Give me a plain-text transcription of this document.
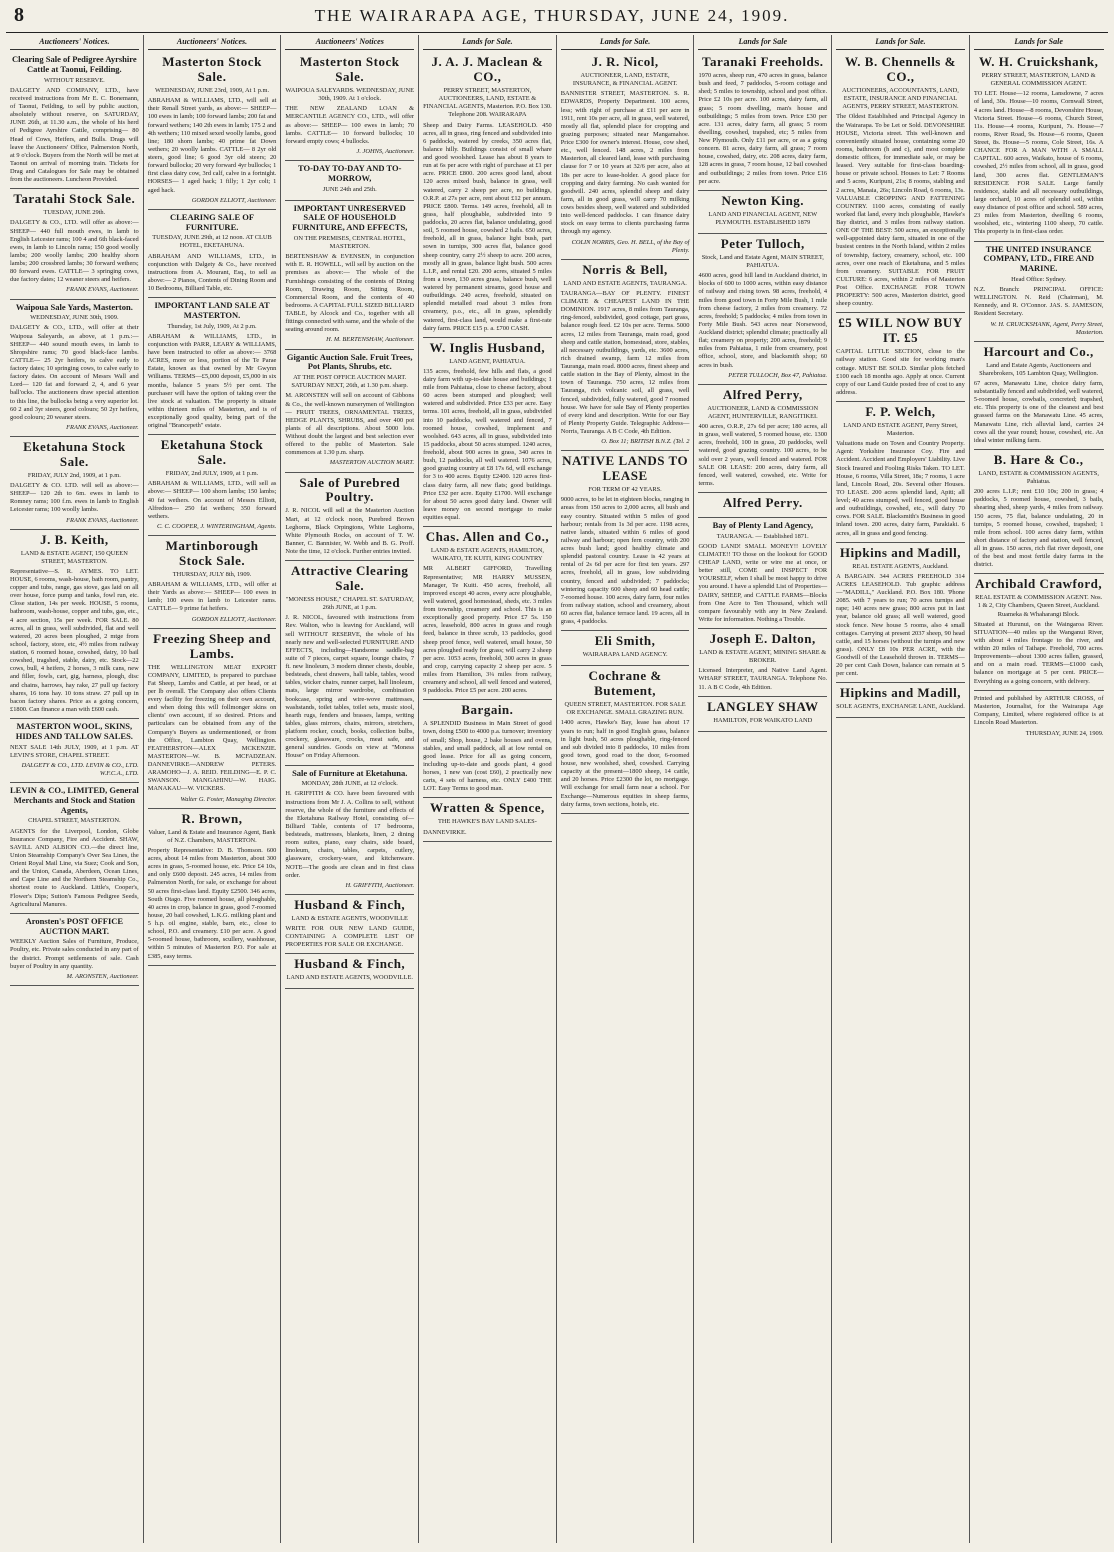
8	THE WAIRARAPA AGE, THURSDAY, JUNE 24, 1909.
Auctioneers' Notices.
Clearing Sale of Pedigree Ayrshire Cattle at Taonui, Feilding.
WITHOUT RESERVE.
DALGETY AND COMPANY, LTD., have received instructions from Mr E. C. Bonemann, of Taonui, Feilding, to sell by public auction, absolutely without reserve, on SATURDAY, JUNE 26th, at 11.30 a.m., the whole of his herd of Pedigree Ayrshire Cattle, comprising— 80 Head of Cows, Heifers, and Bulls. Drags will leave the Auctioneers' Office, Palmerston North, at 9 o'clock. Buyers from the North will be met at Taonui on arrival of morning train. Tickets for Drag and Catalogues for Sale may be obtained from the auctioneers. Luncheon Provided.
Taratahi Stock Sale.
TUESDAY, JUNE 29th.
DALGETY & CO., LTD. will offer as above:— SHEEP— 440 full mouth ewes, in lamb to English Leicester rams; 100 4 and 6th black-faced ewes, in lamb to Lincoln rams; 150 good woolly lambs; 200 woolly lambs; 200 healthy shorn lambs; 200 crossbred lambs; 30 forward wethers; 80 forward ewes. CATTLE— 3 springing cows, due factory dates; 12 weaner steers and heifers.
FRANK EVANS, Auctioneer.
Waipoua Sale Yards, Masterton.
WEDNESDAY, JUNE 30th, 1909.
DALGETY & CO., LTD., will offer at their Waipoua Saleyards, as above, at 1 p.m.:— SHEEP— 440 sound mouth ewes, in lamb to Shropshire rams; 70 good black-face lambs. CATTLE— 25 2yr heifers, to calve early to factory dates; 10 springing cows, to calve early to factory dates. On account of Messrs Wall and Lord— 120 fat and forward 2, 4, and 6 year ball'ocks. The auctioneers draw special attention to this line, the bullocks being a very superior lot. 60 2 and 3yr steers, good colours; 50 2yr heifers, good colours; 20 weaner steers.
FRANK EVANS, Auctioneer.
Eketahuna Stock Sale.
FRIDAY, JULY 2nd, 1909, at 1 p.m.
DALGETY & CO. LTD. will sell as above:— SHEEP— 120 2th to 6m. ewes in lamb to Romney rams; 100 f.m. ewes in lamb to English Leicester rams; 100 woolly lambs.
FRANK EVANS, Auctioneer.
J. B. Keith,
LAND & ESTATE AGENT, 150 QUEEN STREET, MASTERTON.
Representative—S. R. AYMES. TO LET. HOUSE, 6 rooms, wash-house, bath room, pantry, copper and tubs, range, gas stove, gas laid on all over house, force pump and tanks, fowl run, etc. Close station, 14s per week. HOUSE, 5 rooms, bathroom, wash-house, copper and tubs, gas, etc., 4 acre section, 15s per week. FOR SALE. 80 acres, all in grass, well subdivided, flat and well watered, 20 acres been ploughed, 2 mtge from school, factory, store, etc, 4½ miles from railway station, 6 roomed house, cowshed, dairy, 10 bail cowshed, tragshed, stable, dairy, etc. Stock—22 cows, bull, 4 heifers, 2 horses, 3 milk cans, new and filler, fowls, cart, gig, harness, plough, disc and chains, harrows, hay rake, 27 pull up factory shares, 16 tons hay. 10 tons straw. 27 pull up in bacon factory shares. Price as a going concern, £1800. Can finance a man with £600 cash.
MASTERTON WOOL, SKINS, HIDES AND TALLOW SALES.
NEXT SALE 14th JULY, 1909, at 1 p.m. AT LEVIN'S STORE, CHAPEL STREET.
DALGETY & CO., LTD. LEVIN & CO., LTD. W.F.C.A., LTD.
LEVIN & CO., LIMITED, General Merchants and Stock and Station Agents,
CHAPEL STREET, MASTERTON.
AGENTS for the Liverpool, London, Globe Insurance Company, Fire and Accident. SHAW, SAVILL AND ALBION CO.—the direct line, Union Steamship Company's Over Sea Lines, the Orient Royal Mail Line, via Suez; Cook and Son, and the Union, Canada, Aberdeen, Ocean Lines, and Cape Line and the Northern Steamship Co., shortest route to Auckland. Little's, Cooper's, Flower's Dips; Sutton's Famous Pedigree Seeds, Agricultural Manures.
Aronsten's POST OFFICE AUCTION MART.
WEEKLY Auction Sales of Furniture, Produce, Poultry, etc. Private sales conducted in any part of the district. Prompt settlements of sale. Cash buyer of Poultry in any quantity.
M. ARONSTEN, Auctioneer.
Auctioneers' Notices.
Masterton Stock Sale.
WEDNESDAY, JUNE 23rd, 1909, At 1 p.m.
ABRAHAM & WILLIAMS, LTD., will sell at their Renall Street yards, as above:— SHEEP— 100 ewes in lamb; 100 forward lambs; 200 fat and forward wethers; 140 2th ewes in lamb; 175 2 and 4th wethers; 110 mixed sexed woolly lambs, good line; 180 shorn lambs; 40 prime fat Down wethers; 20 woolly lambs. CATTLE— 8 2yr old steers, good line; 6 good 3yr old steers; 20 forward bullocks; 20 very forward 4yr bullocks; 1 first class dairy cow, 3rd calf, calve in a fortnight. HORSES— 1 aged hack; 1 filly; 1 2yr colt; 1 aged hack.
GORDON ELLIOTT, Auctioneer.
CLEARING SALE OF FURNITURE.
TUESDAY, JUNE 29th, at 12 noon. AT CLUB HOTEL, EKETAHUNA.
ABRAHAM AND WILLIAMS, LTD., in conjunction with Dalgety & Co., have received instructions from A. Mourant, Esq., to sell as above:— 2 Pianos, Contents of Dining Room and 10 Bedrooms, Billiard Table, etc.
IMPORTANT LAND SALE AT MASTERTON.
Thursday, 1st July, 1909, At 2 p.m.
ABRAHAM & WILLIAMS, LTD., in conjunction with PARR, LEARY & WILLIAMS, have been instructed to offer as above:— 3768 ACRES, more or less, portion of the Te Parae Estate, known as that owned by Mr Gwynn Williams. TERMS—£5,000 deposit, £5,000 in six months, balance 5 years 5½ per cent. The purchaser will have the option of taking over the live stock at valuation. The property is situate within thirteen miles of Masterton, and is of exceptionally good quality, being part of the original "Brancepeth" estate.
Eketahuna Stock Sale.
FRIDAY, 2nd JULY, 1909, at 1 p.m.
ABRAHAM & WILLIAMS, LTD., will sell as above:— SHEEP— 100 shorn lambs; 150 lambs; 40 fat wethers. On account of Messrs Elliott, Alfredton— 250 fat wethers; 350 forward wethers.
C. C. COOPER, J. WINTERINGHAM, Agents.
Martinborough Stock Sale.
THURSDAY, JULY 8th, 1909.
ABRAHAM & WILLIAMS, LTD., will offer at their Yards as above:— SHEEP— 100 ewes in lamb; 100 ewes in lamb to Leicester rams. CATTLE— 9 prime fat heifers.
GORDON ELLIOTT, Auctioneer.
Freezing Sheep and Lambs.
THE WELLINGTON MEAT EXPORT COMPANY, LIMITED, is prepared to purchase Fat Sheep, Lambs and Cattle, at per head, or at per lb overall. The Company also offers Clients every facility for freezing on their own account, and when doing this will follmonger skins on clients' own account, if so desired. Prices and particulars can be obtained from any of the Company's Buyers as undermentioned, or from the Office, Lambton Quay, Wellington. FEATHERSTON—ALEX MCKENZIE. MASTERTON—W. B. MCFADZEAN. DANNEVIRKE—ANDREW PETERS. ARAMOHO—J. A. REID. FEILDING—E. P. C. SWANSON. MANGAHINU—W. HAIG. MANAKAU—W. VICKERS.
Walter G. Foster, Managing Director.
R. Brown,
Valuer, Land & Estate and Insurance Agent, Bank of N.Z. Chambers, MASTERTON.
Property Representative: D. B. Thomson. 600 acres, about 14 miles from Masterton, about 300 acres in grass, 5-roomed house, etc. Price £4 10s, and only £600 deposit. 245 acres, 14 miles from Palmerston North, for sale, or exchange for about 50 acres first-class land. Equity £2500. 346 acres, South Otago. Five roomed house, all ploughable, 40 acres in crop, balance in grass, good 7-roomed house, 20 bail cowshed, L.K.G. milking plant and 5 h.p. oil engine, stable, barn, etc., close to school, P.O. and creamery. £10 per acre. A good 5-roomed house, bathroom, scullery, washhouse, within 5 minutes of Masterton P.O. For sale at £385, easy terms.
Auctioneers' Notices
Masterton Stock Sale.
WAIPOUA SALEYARDS. WEDNESDAY, JUNE 30th, 1909. At 1 o'clock.
THE NEW ZEALAND LOAN & MERCANTILE AGENCY CO., LTD., will offer as above:— SHEEP— 100 ewes in lamb; 70 lambs. CATTLE— 10 forward bullocks; 10 forward empty cows; 4 bullocks.
J. JOHNS, Auctioneer.
TO-DAY TO-DAY AND TO-MORROW,
JUNE 24th and 25th.
IMPORTANT UNRESERVED SALE OF HOUSEHOLD FURNITURE, AND EFFECTS,
ON THE PREMISES, CENTRAL HOTEL, MASTERTON.
BERTENSHAW & EVENSEN, in conjunction with E. R. HOWELL, will sell by auction on the premises as above:— The whole of the Furnishings consisting of the contents of Dining Room, Drawing Room, Sitting Room, Commercial Room, and the contents of 40 bedrooms. A CAPITAL FULL SIZED BILLIARD TABLE, by Alcock and Co., together with all fittings connected with same, and the whole of the seating around room.
H. M. BERTENSHAW, Auctioneer.
Gigantic Auction Sale. Fruit Trees, Pot Plants, Shrubs, etc.
AT THE POST OFFICE AUCTION MART. SATURDAY NEXT, 26th, at 1.30 p.m. sharp.
M. ARONSTEN will sell on account of Gibbons & Co., the well-known nurserymen of Wellington— FRUIT TREES, ORNAMENTAL TREES, HEDGE PLANTS, SHRUBS, and over 400 pot plants of all descriptions. About 5000 lots. Without doubt the largest and best selection ever offered to the public of Masterton. Sale commences at 1.30 p.m. sharp.
MASTERTON AUCTION MART.
Sale of Purebred Poultry.
J. R. NICOL will sell at the Masterton Auction Mart, at 12 o'clock noon, Purebred Brown Leghorns, Black Orpingtons, White Leghorns, White Plymouth Rocks, on account of T. W. Banner, C. Bannister, W. Webb and B. G. Proff. Note the time, 12 o'clock. Further entries invited.
Attractive Clearing Sale.
"MONESS HOUSE," CHAPEL ST. SATURDAY, 26th JUNE, at 1 p.m.
J. R. NICOL, favoured with instructions from Rev. Walton, who is leaving for Auckland, will sell WITHOUT RESERVE, the whole of his nearly new and well-selected FURNITURE AND EFFECTS, including—Handsome saddle-bag suite of 7 pieces, carpet square, lounge chairs, 7 ft. new linoleum, 3 modern dinner chests, double, bedsteads, chest drawers, hall table, tables, wood tables, wicker chairs, runner carpet, hall linoleum, mats, large mirror wardrobe, combination bookcase, spring and wire-wove mattresses, washstands, toilet tables, toilet sets, music stool, hearth rugs, fenders and brasses, lamps, writing tables, glass mirrors, chairs, mirrors, stretchers, platform rocker, couch, books, collection bulbs, crockery, glassware, crocks, meat safe, and general sundries. Goods on view at "Moness House" on Friday Afternoon.
Sale of Furniture at Eketahuna.
MONDAY, 28th JUNE, at 12 o'clock.
H. GRIFFITH & CO. have been favoured with instructions from Mr J. A. Collins to sell, without reserve, the whole of the furniture and effects of the Eketahuna Railway Hotel, consisting of— Billiard Table, contents of 17 bedrooms, bedsteads, mattresses, blankets, linen, 2 dining room suites, piano, easy chairs, side board, linoleum, chairs, tables, carpets, cutlery, glassware, crockery-ware, and kitchenware. NOTE—The goods are clean and in first class order.
H. GRIFFITH, Auctioneer.
Husband & Finch,
LAND & ESTATE AGENTS, WOODVILLE
WRITE FOR OUR NEW LAND GUIDE, CONTAINING A COMPLETE LIST OF PROPERTIES FOR SALE OR EXCHANGE.
Husband & Finch,
LAND AND ESTATE AGENTS, WOODVILLE.
Lands for Sale.
J. A. J. Maclean & CO.,
PERRY STREET, MASTERTON, AUCTIONEERS, LAND, ESTATE & FINANCIAL AGENTS, Masterton. P.O. Box 130. Telephone 208. WAIRARAPA
Sheep and Dairy Farms. LEASEHOLD. 450 acres, all in grass, ring fenced and subdivided into 6 paddocks, watered by creeks, 350 acres flat, balance hilly. Buildings consist of small whare and good woolshed. Lease has about 8 years to run at 6s per acre with right of purchase at £1 per acre. PRICE £800. 200 acres good land, about 120 acres mixed bush, balance in grass, well watered, carry 2 sheep per acre, no buildings, O.R.P. at 27s per acre, rent about £12 per annum. PRICE £800. Terms. 149 acres, freehold, all in grass, half ploughable, subdivided into 9 paddocks, 20 acres flat, balance undulating, good soil, 5 roomed house, cowshed 2 bails. 650 acres, freehold, all in grass, balance light bush, part sown in turnips, 300 acres flat, balance good sheep country, carry 2½ sheep to acre. 200 acres, mostly all in grass, balance light bush. 500 acres L.I.P., and rental £20. 200 acres, situated 5 miles from a town, 130 acres grass, balance bush, well watered by permanent streams, good house and outbuildings. 240 acres, freehold, situated on splendid metalled road about 3 miles from creamery, p.o., etc., all in grass, splendidly watered, first-class land, would make a first-rate dairy farm. PRICE £15 p. a. £700 CASH.
W. Inglis Husband,
LAND AGENT, PAHIATUA.
135 acres, freehold, few hills and flats, a good dairy farm with up-to-date house and buildings; 1 mile from Pahiatua, close to cheese factory, about 60 acres been stumped and ploughed; well watered and subdivided. Price £33 per acre. Easy terms. 101 acres, freehold, all in grass, subdivided into 10 paddocks, well watered and fenced, 7 roomed house, cowshed, implement and woolshed. 643 acres, all in grass, subdivided into 15 paddocks, about 50 acres stumped. 1240 acres, freehold, about 900 acres in grass, 340 acres in bush, 12 paddocks, all well watered. 1076 acres, good grazing country at £8 17s 6d, will exchange for 3 to 400 acres. Equity £2400. 120 acres first-class dairy farm, all new flats; good buildings. Price £32 per acre. Equity £1700. Will exchange for about 50 acres good dairy land. Owner will leave money on second mortgage to make equities equal.
Chas. Allen and Co.,
LAND & ESTATE AGENTS, HAMILTON, WAIKATO, TE KUITI, KING COUNTRY
MR ALBERT GIFFORD, Travelling Representative; MR HARRY MUSSEN, Manager, Te Kuiti. 450 acres, freehold, all improved except 40 acres, every acre ploughable, well watered, good homestead, sheds, etc. 3 miles from township, creamery and school. This is an exceptionally good property. Price £7 5s. 150 acres, leasehold, 800 acres in grass and rough feed, balance in three scrub, 13 paddocks, good sheep proof fence, well watered, small house, 50 acres ploughed ready for grass; will carry 2 sheep per acre. 1053 acres, freehold, 300 acres in grass and crop, carrying capacity 2 sheep per acre. 5 miles from Hamilton, 3¼ miles from railway, creamery and school, all well fenced and watered, 9 paddocks. Price £5 per acre. 200 acres.
Bargain.
A SPLENDID Business in Main Street of good town, doing £500 to 4000 p.a. turnover; inventory of small; Shop, house, 2 bake houses and ovens, stables, and small paddock, all at low rental on good lease. Price for all as going concern, including up-to-date and goods plant, 4 good horses, 1 new van (cost £60), 2 practically new carts, 4 sets of harness, etc. ONLY £400 THE LOT. Easy Terms to good man.
Wratten & Spence,
THE HAWKE'S BAY LAND SALES-
DANNEVIRKE.
Lands for Sale.
J. R. Nicol,
AUCTIONEER, LAND, ESTATE, INSURANCE, & FINANCIAL AGENT.
BANNISTER STREET, MASTERTON. S. R. EDWARDS, Property Department. 100 acres, less; with right of purchase at £11 per acre in 1911, rent 10s per acre, all in grass, well watered, mostly all flat, splendid place for cropping and grazing purposes; situated near Mangamahoe. Price £300 for owner's interest. House, cow shed, etc., well fenced. 148 acres, 2 miles from Masterton, all cleared land, lease with purchasing clause for 7 or 10 years at 32/6 per acre, also at 18s per acre to lease-holder. A good place for cropping and dairy farming. No cash wanted for goodwill. 240 acres, splendid sheep and dairy farm, all in good grass, will carry 70 milking cows besides sheep, well watered and subdivided into well-fenced paddocks. I can finance dairy stock on easy terms to clients purchasing farms through my agency.
COLIN NORRIS, Geo. H. BELL, of the Bay of Plenty.
Norris & Bell,
LAND AND ESTATE AGENTS, TAURANGA.
TAURANGA—BAY OF PLENTY. FINEST CLIMATE & CHEAPEST LAND IN THE DOMINION. 1917 acres, 8 miles from Tauranga, ring-fenced, subdivided, good cottage, part grass, balance rough feed. £2 10s per acre. Terms. 5000 acres, 12 miles from Tauranga, main road, good sheep and cattle station, homestead, store, stables, all necessary outbuildings, yards, etc. 3600 acres, rich drained swamp, farm 12 miles from Tauranga, main road. 8000 acres, finest sheep and cattle station in the Bay of Plenty, almost in the town of Tauranga. 750 acres, 12 miles from Tauranga, rich volcanic soil, all grass, well fenced, subdivided, fully watered, good 7 roomed house. We have for sale Bay of Plenty properties of every kind and description. Write for our Bay of Plenty Property Guide. Telegraphic Address—Norris, Tauranga. A B C Code, 4th Edition.
O. Box 11; BRITISH B.N.Z. (Tel. 2
NATIVE LANDS TO LEASE
FOR TERM OF 42 YEARS.
9000 acres, to be let in eighteen blocks, ranging in areas from 150 acres to 2,000 acres, all bush and easy country. Situated within 5 miles of good harbour; rentals from 1s 3d per acre. 1198 acres, native lands, situated within 6 miles of good railway and harbour; open fern country, with 200 acres bush land; good healthy climate and splendid pastoral country. Lease is 42 years at rental of 2s 6d per acre for first ten years. 297 acres, freehold, all in grass, low subdividing country, fenced and subdivided; 7 paddocks; wintering capacity 600 sheep and 60 head cattle; 7-roomed house. 100 acres, dairy farm, four miles from railway station, school and creamery, about 60 acres flat, balance terrace land. 19 acres, all in grass, 4 paddocks.
Eli Smith,
WAIRARAPA LAND AGENCY.
Cochrane & Butement,
QUEEN STREET, MASTERTON. FOR SALE OR EXCHANGE. SMALL GRAZING RUN.
1400 acres, Hawke's Bay, lease has about 17 years to run; half in good English grass, balance in light bush, 50 acres ploughable, ring-fenced and sub divided into 8 paddocks, 10 miles from good town, good road to the door, 6-roomed house, new woolshed, shed, cowshed. Carrying capacity at the present—1800 sheep, 14 cattle, and 20 horses. Price £2300 the lot, no mortgage. Will exchange for small farm near a school. For Exchange—Numerous equities in sheep farms, dairy farms, town sections, hotels, etc.
Lands for Sale
Taranaki Freeholds.
1970 acres, sheep run, 470 acres in grass, balance bush and feed, 7 paddocks, 5-room cottage and shed; 5 miles to township, school and post office. Price £2 10s per acre. 100 acres, dairy farm, all grass; 5 room dwelling, man's house and outbuildings; 5 miles from town. Price £30 per acre. 131 acres, dairy farm, all grass; 5 room dwelling, cowshed, trapshed, etc; 5 miles from New Plymouth. Only £11 per acre, or as a going concern. 81 acres, dairy farm, all grass; 7 room house, cowshed, dairy, etc. 208 acres, dairy farm, 128 acres in grass, 7 room house, 12 bail cowshed and outbuildings; 2 miles from town. Price £16 per acre.
Newton King.
LAND AND FINANCIAL AGENT, NEW PLYMOUTH. ESTABLISHED 1879
Peter Tulloch,
Stock, Land and Estate Agent, MAIN STREET, PAHIATUA.
4600 acres, good hill land in Auckland district, in blocks of 600 to 1000 acres, within easy distance of railway and rising town. 98 acres, freehold, 4 miles from good town in Forty Mile Bush, 1 mile from cheese factory, 2 miles from creamery. 72 acres, freehold; 5 paddocks; 4 miles from town in Forty Mile Bush. 543 acres near Norsewood, Auckland district; splendid climate; practically all flat; creamery on property; 200 acres, freehold; 9 miles from Pahiatua, 1 mile from creamery, post office, school, store, and blacksmith shop; 60 acres in bush.
PETER TULLOCH, Box 47, Pahiatua.
Alfred Perry,
AUCTIONEER, LAND & COMMISSION AGENT, HUNTERVILLE, RANGITIKEI.
400 acres, O.R.P., 27s 6d per acre; 180 acres, all in grass, well watered, 5 roomed house, etc. 1300 acres, freehold, 100 in grass, 20 paddocks, well watered, good grazing country. 100 acres, to be sold over 2 years, well fenced and watered. FOR SALE OR LEASE: 200 acres, dairy farm, all fenced, well watered, cowshed, etc. Write for terms.
Alfred Perry.
Bay of Plenty Land Agency,
TAURANGA. — Established 1871.
GOOD LAND! SMALL MONEY!! LOVELY CLIMATE!! TO those on the lookout for GOOD CHEAP LAND, write or wire me at once, or better still, COME and INSPECT FOR YOURSELF, when I shall be most happy to drive you around. I have a splendid List of Properties—DAIRY, SHEEP, and CATTLE FARMS—Blocks from One Acre to Ten Thousand, which will compare favourably with any in New Zealand. Write for information. Nothing a Trouble.
Joseph E. Dalton,
LAND & ESTATE AGENT, MINING SHARE & BROKER.
Licensed Interpreter, and Native Land Agent. WHARF STREET, TAURANGA. Telephone No. 11. A B C Code, 4th Edition.
LANGLEY SHAW
HAMILTON, FOR WAIKATO LAND
Lands for Sale.
W. B. Chennells & CO.,
AUCTIONEERS, ACCOUNTANTS, LAND, ESTATE, INSURANCE AND FINANCIAL AGENTS, PERRY STREET, MASTERTON.
The Oldest Established and Principal Agency in the Wairarapa. To be Let or Sold. DEVONSHIRE HOUSE, Victoria street. This well-known and conveniently situated house, containing some 20 rooms, bathroom (h and c), and most complete domestic offices, for immediate sale, or may be leased. Very suitable for first-class boarding-house or private school. Houses to Let: 7 Rooms and 5 acres, Kuripuni, 21s; 8 rooms, stabling and 2 acres, Manaia, 26s; Lincoln Road, 6 rooms, 13s. VALUABLE CROPPING AND FATTENING COUNTRY. 1100 acres, consisting of easily worked flat land, every inch ploughable, Hawke's Bay district, and 3 miles from railway station. ONE OF THE BEST: 500 acres, an exceptionally well-appointed dairy farm, situated in one of the busiest centres in the North Island, within 2 miles of township, factory, creamery, school, etc. 100 acres, over one reach of Eketahuna, and 5 miles from creamery. SUITABLE FOR FRUIT CULTURE: 6 acres, within 2 miles of Masterton Post Office. EXCHANGE FOR TOWN PROPERTY: 500 acres, Masterton district, good sheep country.
£5 WILL NOW BUY IT. £5
CAPITAL LITTLE SECTION, close to the railway station. Good site for working man's cottage. MUST BE SOLD. Similar plots fetched £100 each 18 months ago. Apply at once. Current copy of our Land Guide posted free of cost to any address.
F. P. Welch,
LAND AND ESTATE AGENT, Perry Street, Masterton.
Valuations made on Town and Country Property. Agent: Yorkshire Insurance Coy. Fire and Accident. Accident and Employers' Liability. Live Stock Insured and Fooling Risks Taken. TO LET. House, 6 rooms, Villa Street, 18s; 7 rooms, 1 acre land, Lincoln Road, 20s. Several other Houses. TO LEASE. 200 acres splendid land, Apiti; all level; 40 acres stumped, well fenced, good house and outbuildings, cowshed, etc., will dairy 70 cows. FOR SALE. Blacksmith's Business in good inland town. 200 acres, dairy farm, Parakiaki. 6 acres, all in grass and good fencing.
Hipkins and Madill,
REAL ESTATE AGENTS, Auckland.
A BARGAIN. 344 ACRES FREEHOLD 314 ACRES LEASEHOLD. Tub graphic address—"MADILL," Auckland. P.O. Box 180. 'Phone 2085. with 7 years to run; 70 acres turnips and rape; 140 acres new grass; 800 acres put in last year, balance old grass; all well watered, good stock fence. New house 5 rooms, also 4 small cottages. Carrying at present 2037 sheep, 90 head cattle, and 15 horses (without the turnips and new grass). ONLY £8 10s PER ACRE, with the Goodwill of the Leasehold thrown in. TERMS—20 per cent Cash Down, balance can remain at 5 per cent.
Hipkins and Madill,
SOLE AGENTS, EXCHANGE LANE, Auckland.
Lands for Sale
W. H. Cruickshank,
PERRY STREET, MASTERTON, LAND & GENERAL COMMISSION AGENT.
TO LET. House—12 rooms, Lansdowne, 7 acres of land, 30s. House—10 rooms, Cornwall Street, 4 acres land. House—8 rooms, Devonshire House, Victoria Street. House—6 rooms, Church Street, 11s. House—4 rooms, Kuripuni, 7s. House—7 rooms, River Road, 9s. House—6 rooms, Queen Street, 8s. House—5 rooms, Cole Street, 16s. A CHANCE FOR A MAN WITH A SMALL CAPITAL. 600 acres, Waikato, house of 6 rooms, cowshed, 2½ miles from school, all in grass, good land, 300 acres flat. GENTLEMAN'S RESIDENCE FOR SALE. Large family residence, stable and all necessary outbuildings, large orchard, 10 acres of splendid soil, within easy distance of post office and school. 589 acres, 23 miles from Masterton, dwelling 6 rooms, woolshed, etc., wintering 1100 sheep, 70 cattle. This property is in first-class order.
THE UNITED INSURANCE COMPANY, LTD., FIRE AND MARINE.
Head Office: Sydney.
N.Z. Branch: PRINCIPAL OFFICE: WELLINGTON. N. Reid (Chairman), M. Kennedy, and R. O'Connor. JAS. S. JAMESON, Resident Secretary.
W. H. CRUICKSHANK, Agent, Perry Street, Masterton.
Harcourt and Co.,
Land and Estate Agents, Auctioneers and Sharebrokers, 105 Lambton Quay, Wellington.
67 acres, Manawatu Line, choice dairy farm, substantially fenced and subdivided, well watered, 5-roomed house, cowbails, concreted; trapshed, etc. This property is one of the cleanest and best grassed farms on the Manawatu Line. 45 acres, Manawatu Line, rich alluvial land, carries 24 cows all the year round; house, cowshed, etc. An ideal winter milking farm.
B. Hare & Co.,
LAND, ESTATE & COMMISSION AGENTS, Pahiatua.
200 acres L.I.P.; rent £10 10s; 200 in grass; 4 paddocks, 5 roomed house, cowshed, 3 bails, shearing shed, sheep yards, 4 miles from railway. 150 acres, 75 flat, balance undulating, 20 in turnips, 5 roomed house, cowshed, trapshed; 1 mile from school. 100 acres dairy farm, within short distance of factory and station, well fenced, all in grass. 150 acres, rich flat river deposit, one of the best and most fertile dairy farms in the district.
Archibald Crawford,
REAL ESTATE & COMMISSION AGENT. Nos. 1 & 2, City Chambers, Queen Street, Auckland. Ruameka & Whaharangi Block.
Situated at Hurunui, on the Waingaroa River. SITUATION—40 miles up the Wanganui River, with about 4 miles frontage to the river, and within 20 miles of Taihape. Freehold, 700 acres. Improvements—about 1300 acres fallen, grassed, and on a main road. TERMS—£1000 cash, balance on mortgage at 5 per cent. PRICE—Everything as a going concern, with delivery.
Printed and published by ARTHUR CROSS, of Masterton, Journalist, for the Wairarapa Age Company, Limited, where registered office is at Lincoln Road Masterton.
THURSDAY, JUNE 24, 1909.
